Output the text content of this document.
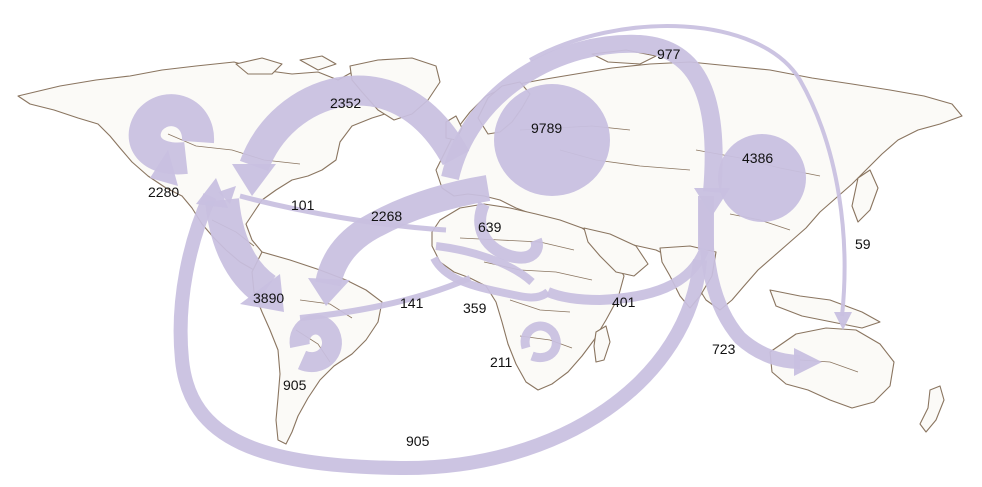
2280
2352
9789
977
4386
101
2268
639
3890	141	359	401
723
59
905
211
905
